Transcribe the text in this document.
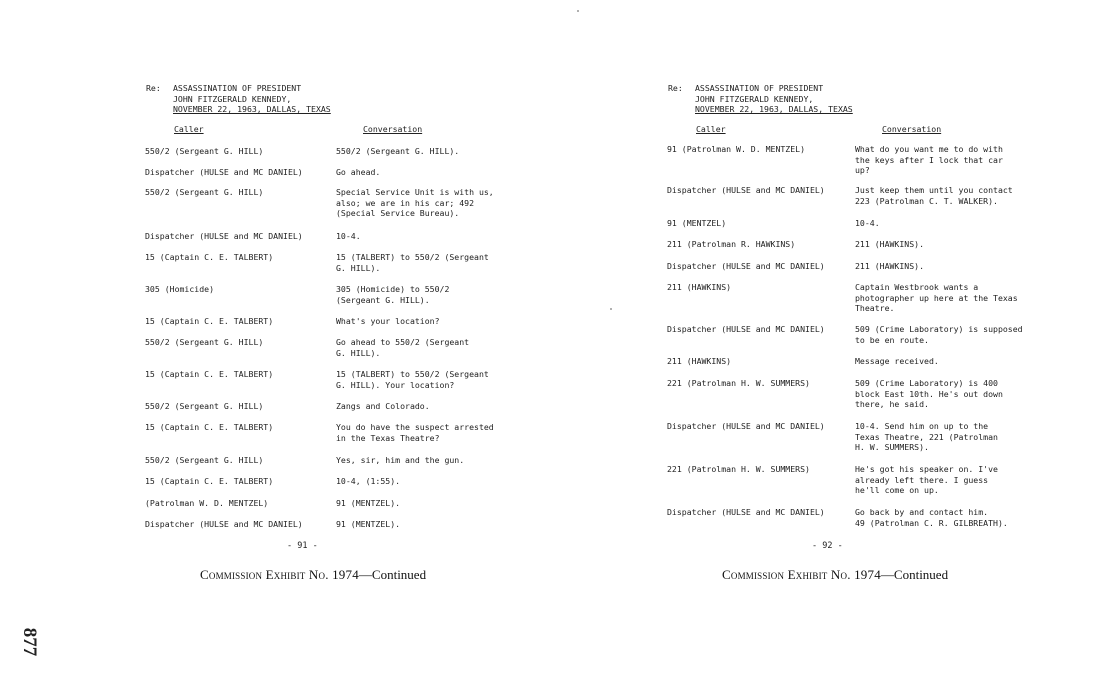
Re: ASSASSINATION OF PRESIDENT
JOHN FITZGERALD KENNEDY,
NOVEMBER 22, 1963, DALLAS, TEXAS
Caller	Conversation
550/2 (Sergeant G. HILL)	550/2 (Sergeant G. HILL).
Dispatcher (HULSE and MC DANIEL)	Go ahead.
550/2 (Sergeant G. HILL)	Special Service Unit is with us,
also; we are in his car; 492
(Special Service Bureau).
Dispatcher (HULSE and MC DANIEL)	10-4.
15 (Captain C. E. TALBERT)	15 (TALBERT) to 550/2 (Sergeant
G. HILL).
305 (Homicide)	305 (Homicide) to 550/2
(Sergeant G. HILL).
15 (Captain C. E. TALBERT)	What's your location?
550/2 (Sergeant G. HILL)	Go ahead to 550/2 (Sergeant
G. HILL).
15 (Captain C. E. TALBERT)	15 (TALBERT) to 550/2 (Sergeant
G. HILL). Your location?
550/2 (Sergeant G. HILL)	Zangs and Colorado.
15 (Captain C. E. TALBERT)	You do have the suspect arrested
in the Texas Theatre?
550/2 (Sergeant G. HILL)	Yes, sir, him and the gun.
15 (Captain C. E. TALBERT)	10-4, (1:55).
(Patrolman W. D. MENTZEL)	91 (MENTZEL).
Dispatcher (HULSE and MC DANIEL)	91 (MENTZEL).
- 91 -
Commission Exhibit No. 1974—Continued
Re: ASSASSINATION OF PRESIDENT
JOHN FITZGERALD KENNEDY,
NOVEMBER 22, 1963, DALLAS, TEXAS
Caller	Conversation
91 (Patrolman W. D. MENTZEL)	What do you want me to do with
the keys after I lock that car
up?
Dispatcher (HULSE and MC DANIEL)	Just keep them until you contact
223 (Patrolman C. T. WALKER).
91 (MENTZEL)	10-4.
211 (Patrolman R. HAWKINS)	211 (HAWKINS).
Dispatcher (HULSE and MC DANIEL)	211 (HAWKINS).
211 (HAWKINS)	Captain Westbrook wants a
photographer up here at the Texas
Theatre.
Dispatcher (HULSE and MC DANIEL)	509 (Crime Laboratory) is supposed
to be en route.
211 (HAWKINS)	Message received.
221 (Patrolman H. W. SUMMERS)	509 (Crime Laboratory) is 400
block East 10th. He's out down
there, he said.
Dispatcher (HULSE and MC DANIEL)	10-4. Send him on up to the
Texas Theatre, 221 (Patrolman
H. W. SUMMERS).
221 (Patrolman H. W. SUMMERS)	He's got his speaker on. I've
already left there. I guess
he'll come on up.
Dispatcher (HULSE and MC DANIEL)	Go back by and contact him.
49 (Patrolman C. R. GILBREATH).
- 92 -
Commission Exhibit No. 1974—Continued
877
